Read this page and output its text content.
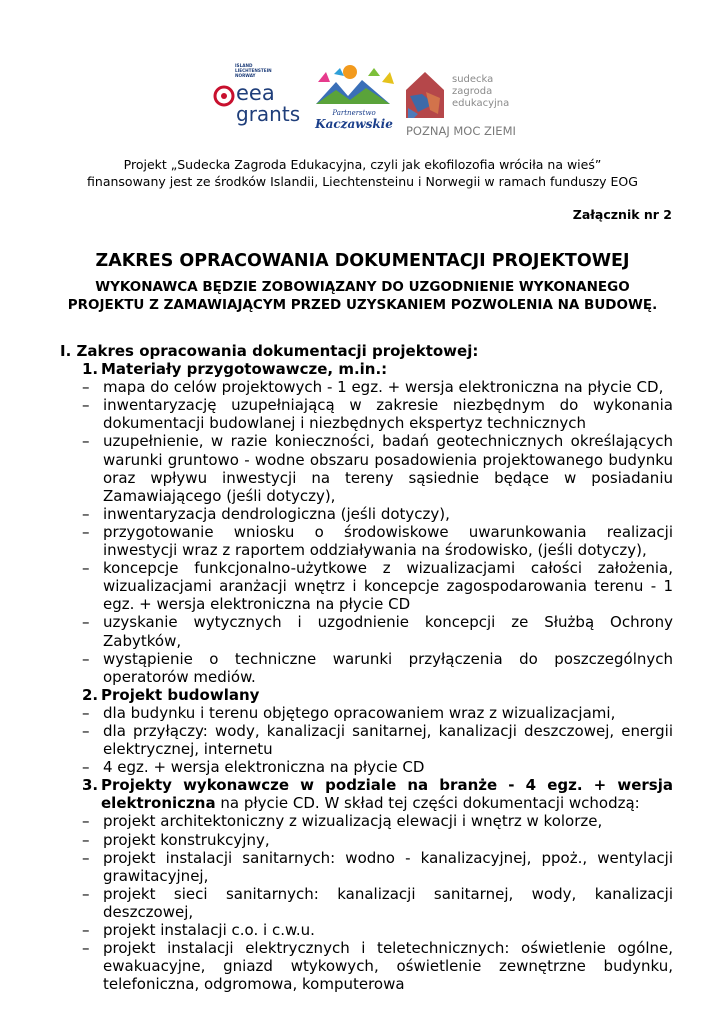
ISLAND
LIECHTENSTEIN
NORWAY
eea
grants	Partnerstwo
Kaczawskie
sudecka
zagroda
edukacyjna
POZNAJ MOC ZIEMI
Projekt „Sudecka Zagroda Edukacyjna, czyli jak ekofilozofia wróciła na wieś”
finansowany jest ze środków Islandii, Liechtensteinu i Norwegii w ramach funduszy EOG
Załącznik nr 2
ZAKRES OPRACOWANIA DOKUMENTACJI PROJEKTOWEJ
WYKONAWCA BĘDZIE ZOBOWIĄZANY DO UZGODNIENIE WYKONANEGO
PROJEKTU Z ZAMAWIAJĄCYM PRZED UZYSKANIEM POZWOLENIA NA BUDOWĘ.
I. Zakres opracowania dokumentacji projektowej:
1. Materiały przygotowawcze, m.in.:
– mapa do celów projektowych - 1 egz. + wersja elektroniczna na płycie CD,
– inwentaryzację uzupełniającą w zakresie niezbędnym do wykonania dokumentacji budowlanej i niezbędnych ekspertyz technicznych
– uzupełnienie, w razie konieczności, badań geotechnicznych określających warunki gruntowo - wodne obszaru posadowienia projektowanego budynku oraz wpływu inwestycji na tereny sąsiednie będące w posiadaniu Zamawiającego (jeśli dotyczy),
– inwentaryzacja dendrologiczna (jeśli dotyczy),
– przygotowanie wniosku o środowiskowe uwarunkowania realizacji inwestycji wraz z raportem oddziaływania na środowisko, (jeśli dotyczy),
– koncepcje funkcjonalno-użytkowe z wizualizacjami całości założenia, wizualizacjami aranżacji wnętrz i koncepcje zagospodarowania terenu - 1 egz. + wersja elektroniczna na płycie CD
– uzyskanie wytycznych i uzgodnienie koncepcji ze Służbą Ochrony Zabytków,
– wystąpienie o techniczne warunki przyłączenia do poszczególnych operatorów mediów.
2. Projekt budowlany
– dla budynku i terenu objętego opracowaniem wraz z wizualizacjami,
– dla przyłączy: wody, kanalizacji sanitarnej, kanalizacji deszczowej, energii elektrycznej, internetu
– 4 egz. + wersja elektroniczna na płycie CD
3. Projekty wykonawcze w podziale na branże - 4 egz. + wersja elektroniczna na płycie CD. W skład tej części dokumentacji wchodzą:
– projekt architektoniczny z wizualizacją elewacji i wnętrz w kolorze,
– projekt konstrukcyjny,
– projekt instalacji sanitarnych: wodno - kanalizacyjnej, ppoż., wentylacji grawitacyjnej,
– projekt sieci sanitarnych: kanalizacji sanitarnej, wody, kanalizacji deszczowej,
– projekt instalacji c.o. i c.w.u.
– projekt instalacji elektrycznych i teletechnicznych: oświetlenie ogólne, ewakuacyjne, gniazd wtykowych, oświetlenie zewnętrzne budynku, telefoniczna, odgromowa, komputerowa
